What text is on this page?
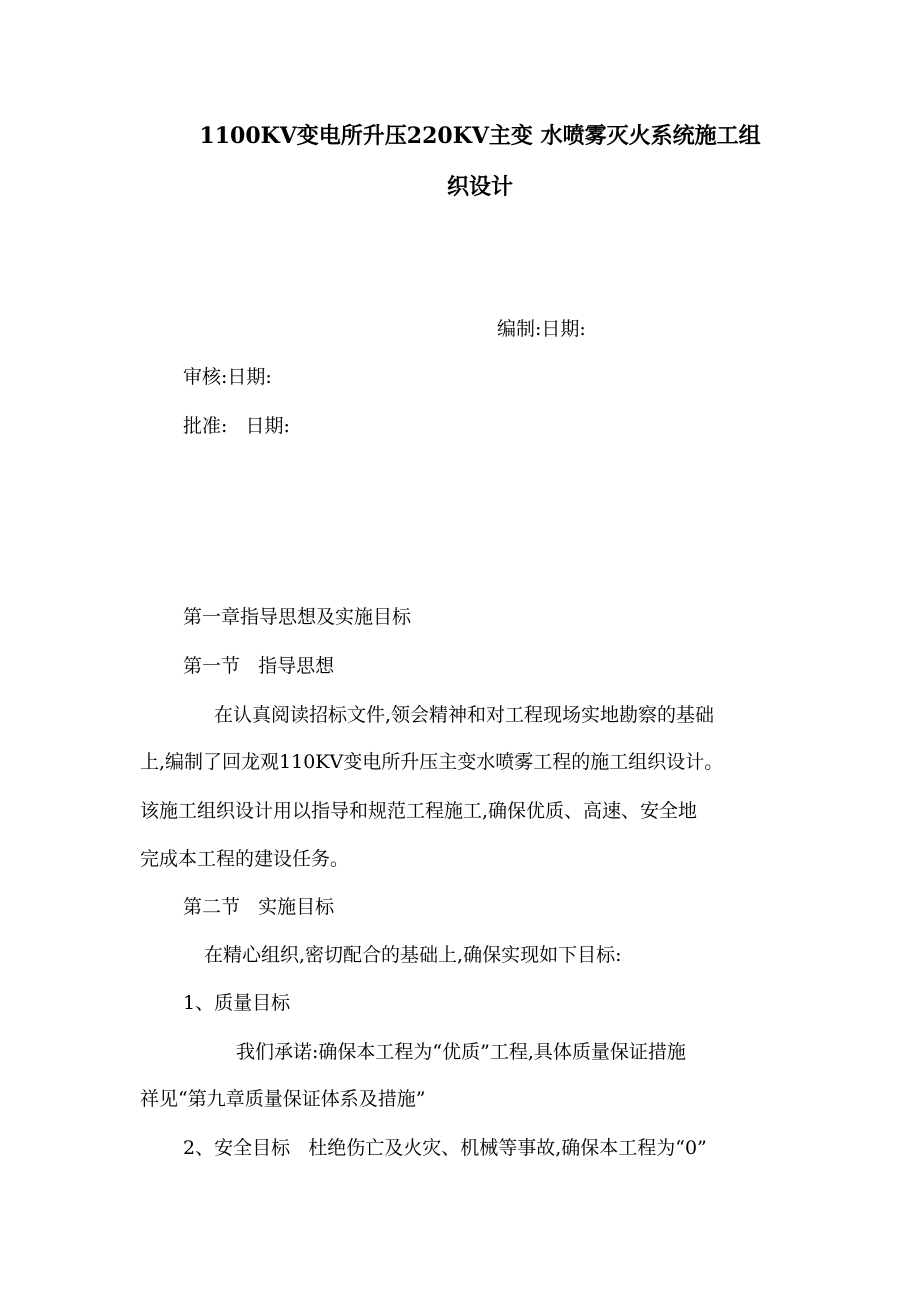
1100KV变电所升压220KV主变 水喷雾灭火系统施工组
织设计
编制:日期:
审核:日期:
批准:   日期:
第一章指导思想及实施目标
第一节   指导思想
在认真阅读招标文件,领会精神和对工程现场实地勘察的基础
上,编制了回龙观110KV变电所升压主变水喷雾工程的施工组织设计。
该施工组织设计用以指导和规范工程施工,确保优质、高速、安全地
完成本工程的建设任务。
第二节   实施目标
在精心组织,密切配合的基础上,确保实现如下目标:
1、质量目标
我们承诺:确保本工程为“优质”工程,具体质量保证措施
祥见“第九章质量保证体系及措施”
2、安全目标   杜绝伤亡及火灾、机械等事故,确保本工程为“0”
